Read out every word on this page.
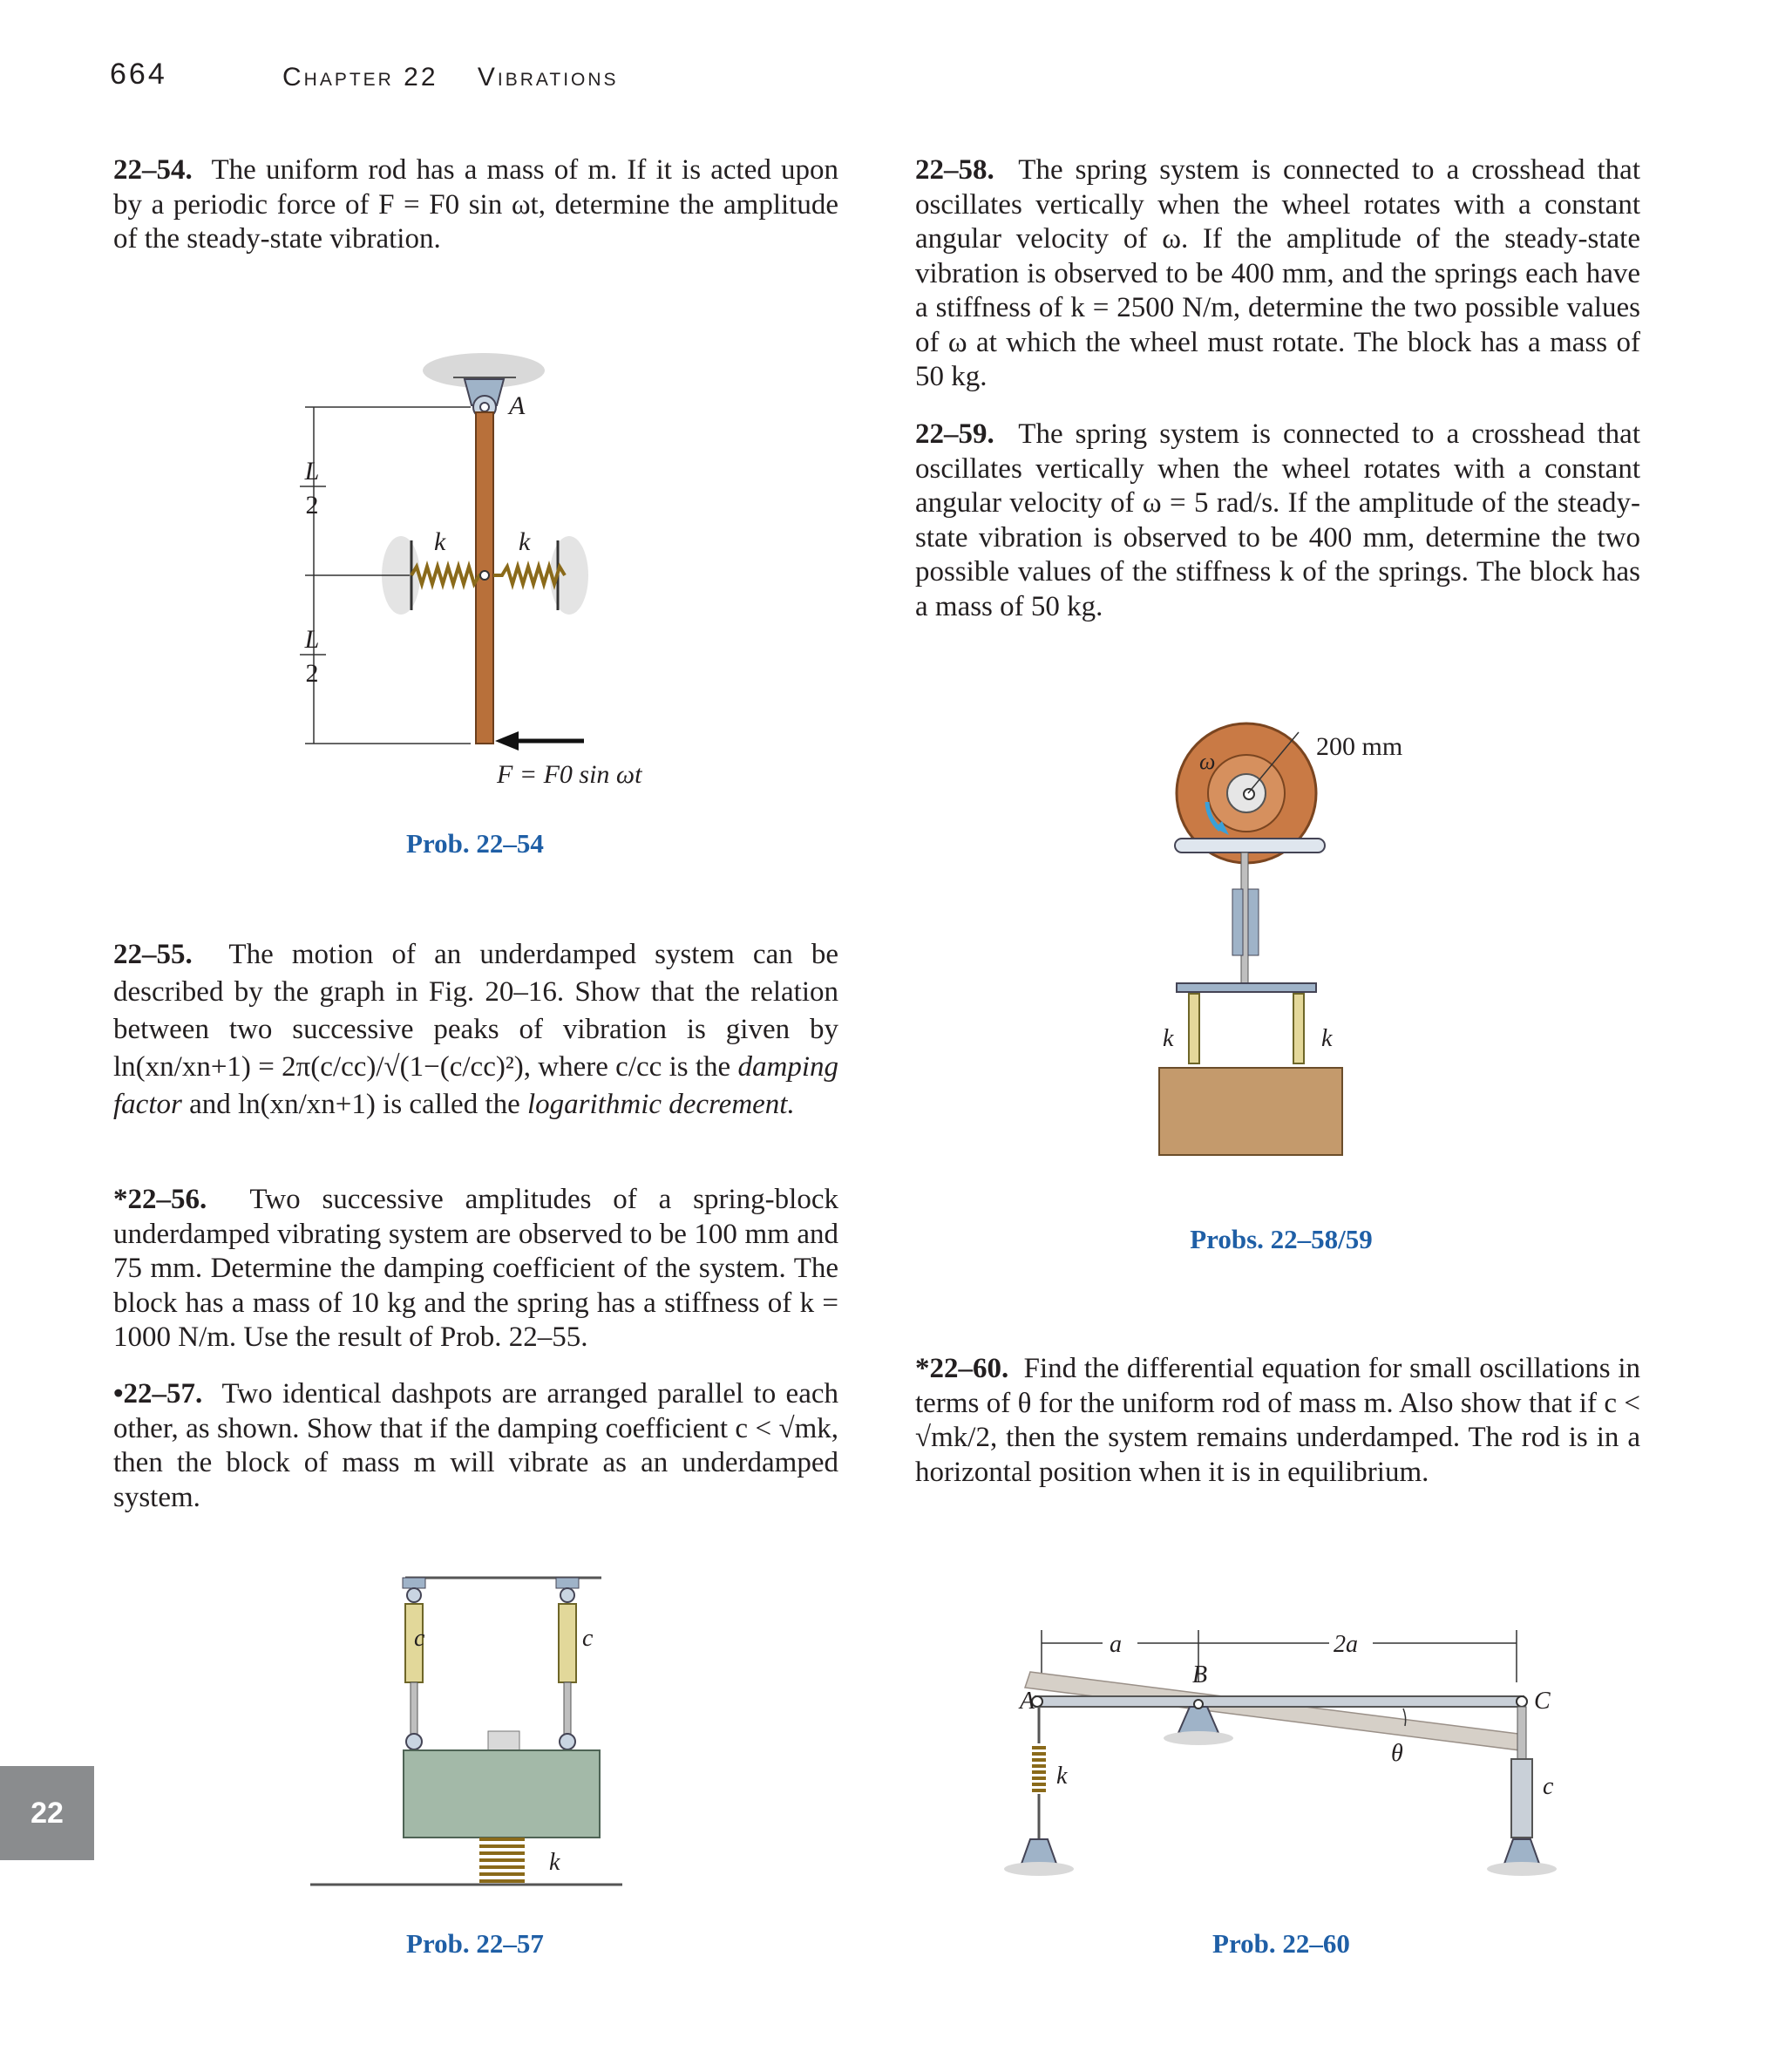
664	Chapter 22 Vibrations
22–54. The uniform rod has a mass of m. If it is acted upon by a periodic force of F = F0 sin ωt, determine the amplitude of the steady-state vibration.
22–55. The motion of an underdamped system can be described by the graph in Fig. 20–16. Show that the relation between two successive peaks of vibration is given by ln(xn/xn+1) = 2π(c/cc)/√(1−(c/cc)²), where c/cc is the damping factor and ln(xn/xn+1) is called the logarithmic decrement.
*22–56. Two successive amplitudes of a spring-block underdamped vibrating system are observed to be 100 mm and 75 mm. Determine the damping coefficient of the system. The block has a mass of 10 kg and the spring has a stiffness of k = 1000 N/m. Use the result of Prob. 22–55.
•22–57. Two identical dashpots are arranged parallel to each other, as shown. Show that if the damping coefficient c < √mk, then the block of mass m will vibrate as an underdamped system.
22–58. The spring system is connected to a crosshead that oscillates vertically when the wheel rotates with a constant angular velocity of ω. If the amplitude of the steady-state vibration is observed to be 400 mm, and the springs each have a stiffness of k = 2500 N/m, determine the two possible values of ω at which the wheel must rotate. The block has a mass of 50 kg.
22–59. The spring system is connected to a crosshead that oscillates vertically when the wheel rotates with a constant angular velocity of ω = 5 rad/s. If the amplitude of the steady-state vibration is observed to be 400 mm, determine the two possible values of the stiffness k of the springs. The block has a mass of 50 kg.
*22–60. Find the differential equation for small oscillations in terms of θ for the uniform rod of mass m. Also show that if c < √mk/2, then the system remains underdamped. The rod is in a horizontal position when it is in equilibrium.
A
k	k
L
2
L
2
F = F0 sin ωt
Prob. 22–54
c	c
k
Prob. 22–57
ω
200 mm
k	k
Probs. 22–58/59
a	2a
A
B
C
θ
k	c
Prob. 22–60
22
